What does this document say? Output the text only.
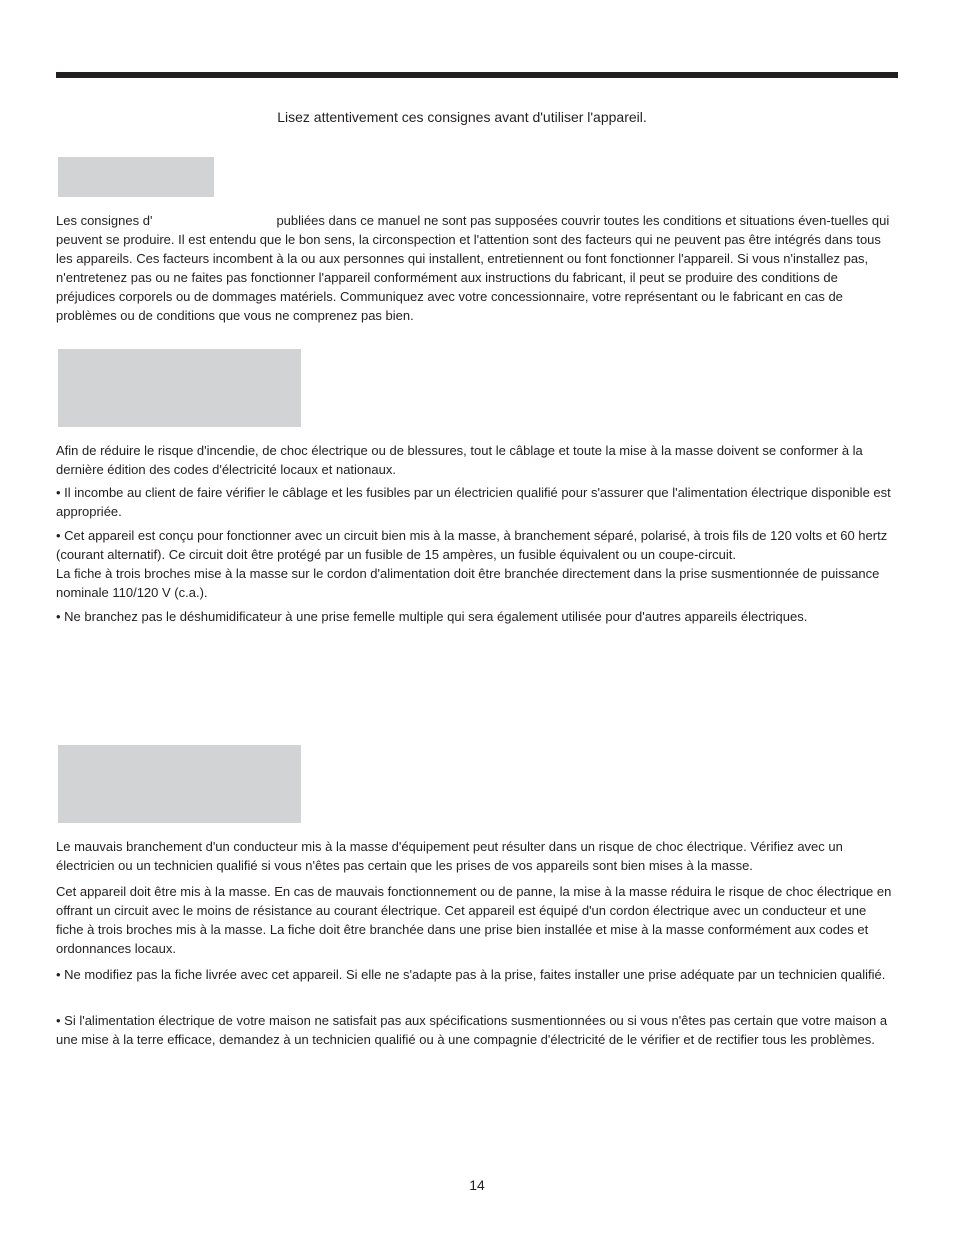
Lisez attentivement ces consignes avant d'utiliser l'appareil.

Les consignes d'	publiées dans ce manuel ne sont pas supposées couvrir toutes les conditions et situations éven-tuelles qui peuvent se produire. Il est entendu que le bon sens, la circonspection et l'attention sont des facteurs qui ne peuvent pas être intégrés dans tous les appareils. Ces facteurs incombent à la ou aux personnes qui installent, entretiennent ou font fonctionner l'appareil. Si vous n'installez pas, n'entretenez pas ou ne faites pas fonctionner l'appareil conformément aux instructions du fabricant, il peut se produire des conditions de préjudices corporels ou de dommages matériels. Communiquez avec votre concessionnaire, votre représentant ou le fabricant en cas de problèmes ou de conditions que vous ne comprenez pas bien.

Afin de réduire le risque d'incendie, de choc électrique ou de blessures, tout le câblage et toute la mise à la masse doivent se conformer à la dernière édition des codes d'électricité locaux et nationaux.

• Il incombe au client de faire vérifier le câblage et les fusibles par un électricien qualifié pour s'assurer que l'alimentation électrique disponible est appropriée.

• Cet appareil est conçu pour fonctionner avec un circuit bien mis à la masse, à branchement séparé, polarisé, à trois fils de 120 volts et 60 hertz (courant alternatif). Ce circuit doit être protégé par un fusible de 15 ampères, un fusible équivalent ou un coupe-circuit.

La fiche à trois broches mise à la masse sur le cordon d'alimentation doit être branchée directement dans la prise susmentionnée de puissance nominale 110/120 V (c.a.).

• Ne branchez pas le déshumidificateur à une prise femelle multiple qui sera également utilisée pour d'autres appareils électriques.

Le mauvais branchement d'un conducteur mis à la masse d'équipement peut résulter dans un risque de choc électrique. Vérifiez avec un électricien ou un technicien qualifié si vous n'êtes pas certain que les prises de vos appareils sont bien mises à la masse.

Cet appareil doit être mis à la masse. En cas de mauvais fonctionnement ou de panne, la mise à la masse réduira le risque de choc électrique en offrant un circuit avec le moins de résistance au courant électrique. Cet appareil est équipé d'un cordon électrique avec un conducteur et une fiche à trois broches mis à la masse. La fiche doit être branchée dans une prise bien installée et mise à la masse conformément aux codes et ordonnances locaux.

• Ne modifiez pas la fiche livrée avec cet appareil. Si elle ne s'adapte pas à la prise, faites installer une prise adéquate par un technicien qualifié.

• Si l'alimentation électrique de votre maison ne satisfait pas aux spécifications susmentionnées ou si vous n'êtes pas certain que votre maison a une mise à la terre efficace, demandez à un technicien qualifié ou à une compagnie d'électricité de le vérifier et de rectifier tous les problèmes.

14
